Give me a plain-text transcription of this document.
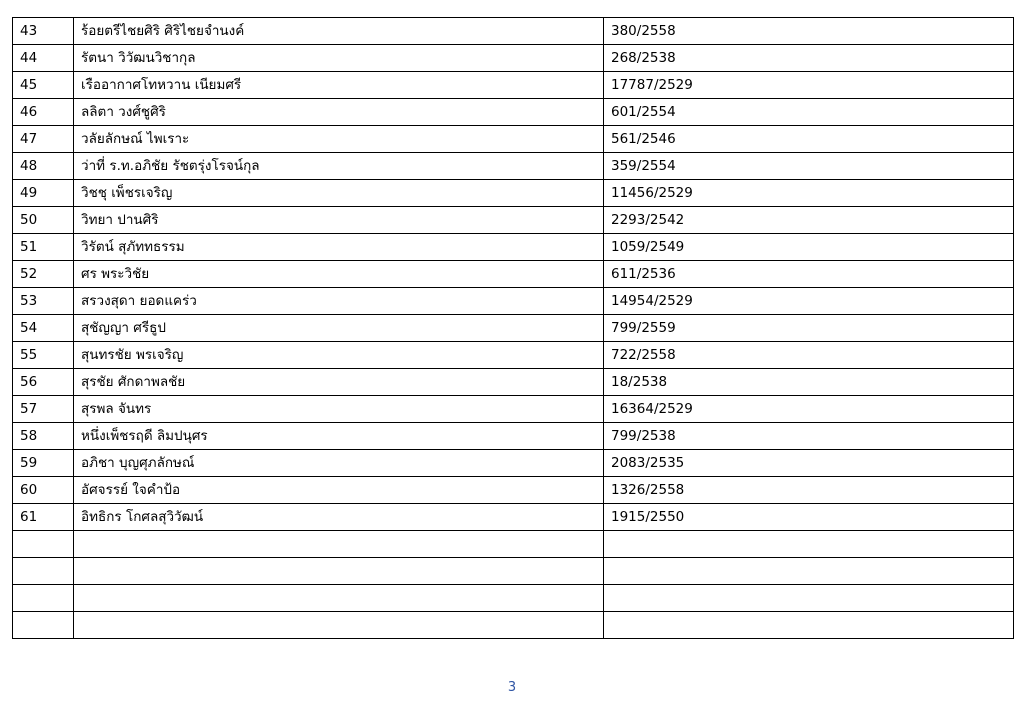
43	ร้อยตรีไชยศิริ ศิริไชยจำนงค์	380/2558
44	รัตนา วิวัฒนวิชากุล	268/2538
45	เรืออากาศโทหวาน เนียมศรี	17787/2529
46	ลลิตา วงศ์ชูศิริ	601/2554
47	วลัยลักษณ์ ไพเราะ	561/2546
48	ว่าที่ ร.ท.อภิชัย รัชตรุ่งโรจน์กุล	359/2554
49	วิชชุ เพ็ชรเจริญ	11456/2529
50	วิทยา ปานศิริ	2293/2542
51	วิรัตน์ สุภัททธรรม	1059/2549
52	ศร พระวิชัย	611/2536
53	สรวงสุดา ยอดแคร่ว	14954/2529
54	สุชัญญา ศรีธูป	799/2559
55	สุนทรชัย พรเจริญ	722/2558
56	สุรชัย ศักดาพลชัย	18/2538
57	สุรพล จันทร	16364/2529
58	หนึ่งเพ็ชรฤดี ลิมปนุศร	799/2538
59	อภิชา บุญศุภลักษณ์	2083/2535
60	อัศจรรย์ ใจคำป้อ	1326/2558
61	อิทธิกร โกศลสุวิวัฒน์	1915/2550

3
